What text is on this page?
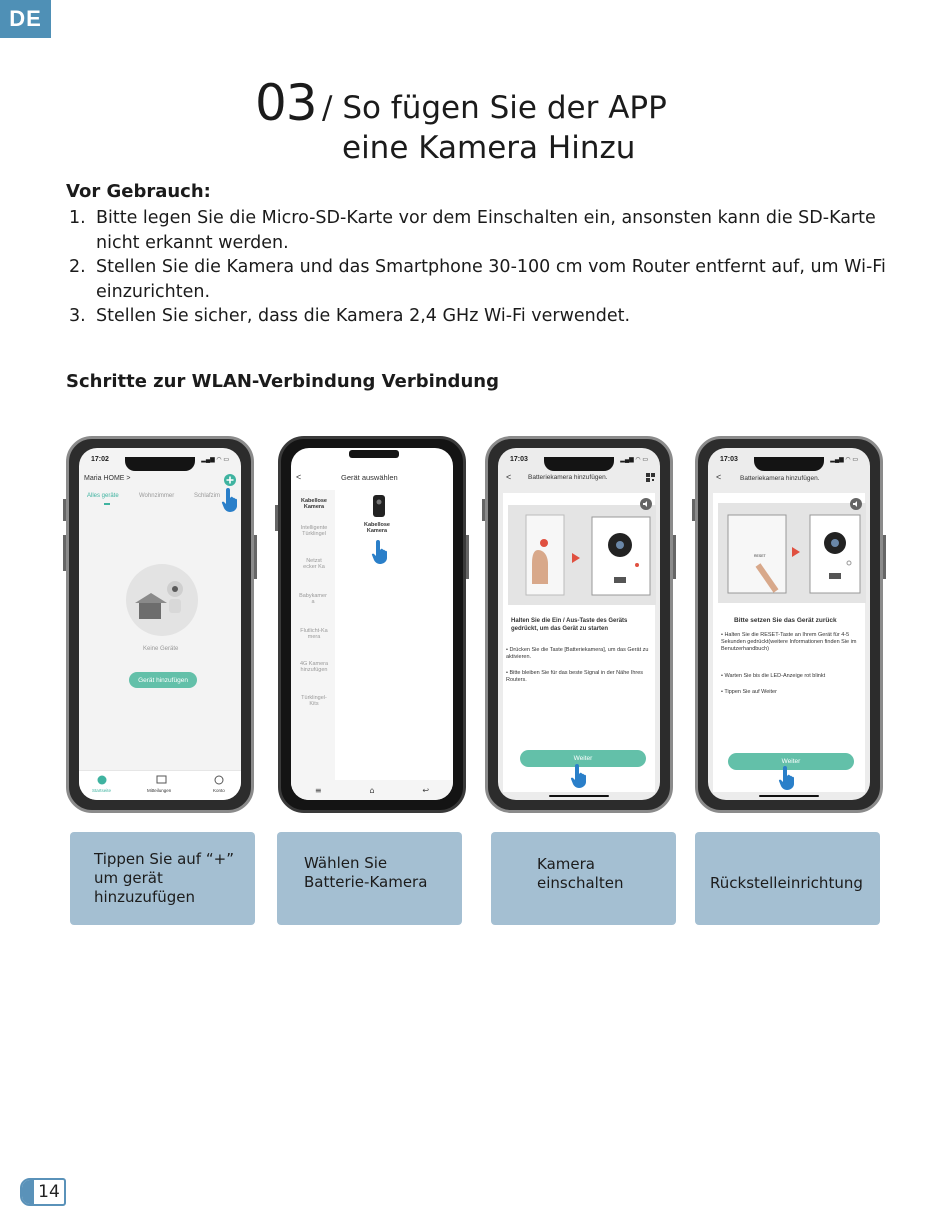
DE
03 / So fügen Sie der APP
eine Kamera Hinzu
Vor Gebrauch:
1. Bitte legen Sie die Micro-SD-Karte vor dem Einschalten ein, ansonsten kann die SD-Karte nicht erkannt werden.
2. Stellen Sie die Kamera und das Smartphone 30-100 cm vom Router entfernt auf, um Wi-Fi einzurichten.
3. Stellen Sie sicher, dass die Kamera 2,4 GHz Wi-Fi verwendet.
Schritte zur WLAN-Verbindung Verbindung
17:02	▂▄▆ ◠ ▭
Maria HOME >
Alles geräte	Wohnzimmer	Schlafzim
Keine Geräte
Gerät hinzufügen
Startseite	Mitteilungen	Konto
<	Gerät auswählen
Kabellose Kamera
Intelligente Türklingel
Netzst ecker Ka
Babykamer a
Flutlicht-Ka mera
4G Kamera hinzufügen
Türklingel-Kits
Kabellose Kamera
≡	⌂	↩
17:03	▂▄▆ ◠ ▭
<	Batteriekamera hinzufügen.
Halten Sie die Ein / Aus-Taste des Geräts gedrückt, um das Gerät zu starten
• Drücken Sie die Taste [Batteriekamera], um das Gerät zu aktivieren.
• Bitte bleiben Sie für das beste Signal in der Nähe Ihres Routers.
Weiter
17:03	▂▄▆ ◠ ▭
<	Batteriekamera hinzufügen.
RESET
Bitte setzen Sie das Gerät zurück
• Halten Sie die RESET-Taste an Ihrem Gerät für 4-5 Sekunden gedrückt(weitere Informationen finden Sie im Benutzerhandbuch)
• Warten Sie bis die LED-Anzeige rot blinkt
• Tippen Sie auf Weiter
Weiter
Tippen Sie auf “+”
um gerät
hinzuzufügen
Wählen Sie
Batterie-Kamera
Kamera
einschalten	Rückstelleinrichtung
14
